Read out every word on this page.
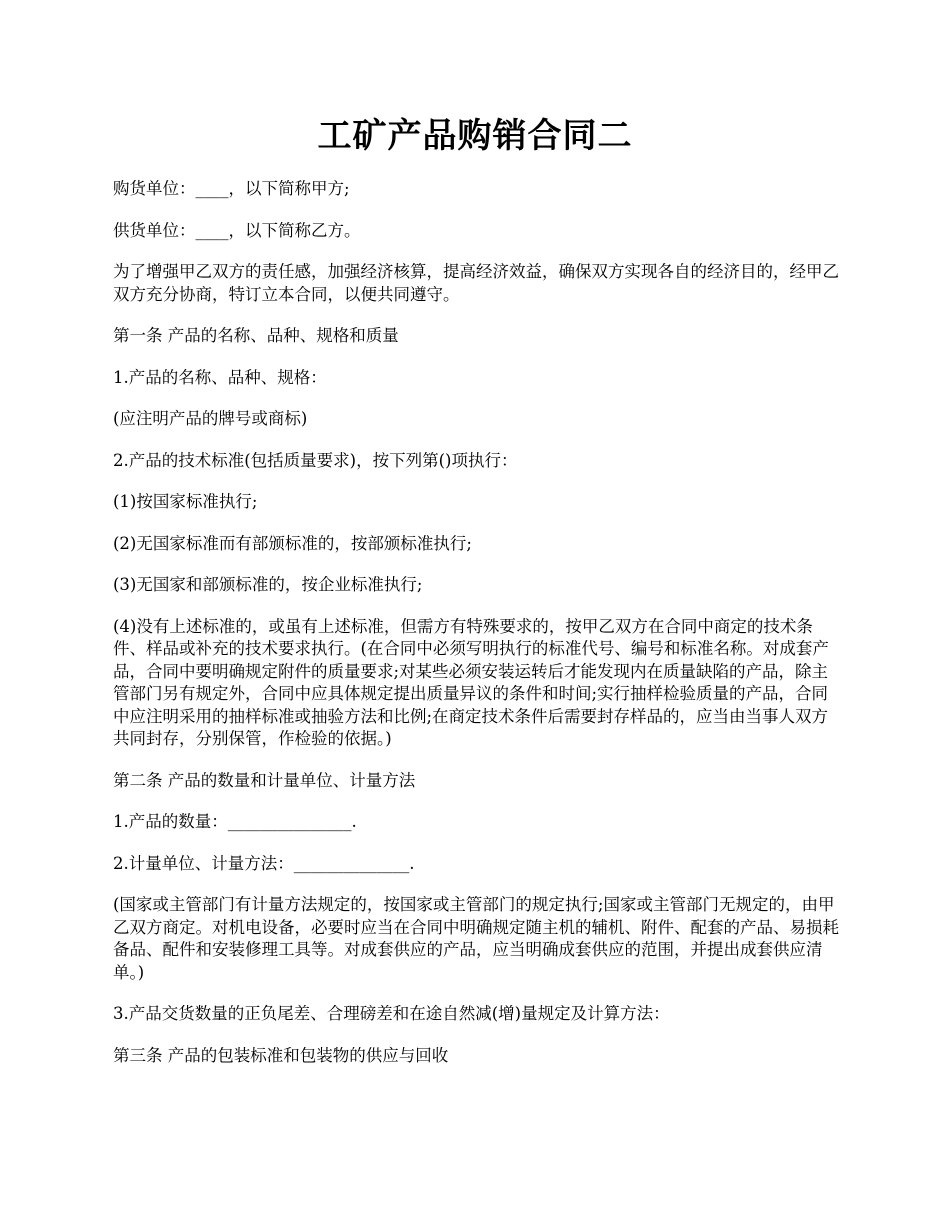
工矿产品购销合同二

购货单位：____，以下简称甲方;

供货单位：____，以下简称乙方。

为了增强甲乙双方的责任感，加强经济核算，提高经济效益，确保双方实现各自的经济目的，经甲乙双方充分协商，特订立本合同，以便共同遵守。

第一条 产品的名称、品种、规格和质量

1.产品的名称、品种、规格：

(应注明产品的牌号或商标)

2.产品的技术标准(包括质量要求)，按下列第()项执行：

(1)按国家标准执行;

(2)无国家标准而有部颁标准的，按部颁标准执行;

(3)无国家和部颁标准的，按企业标准执行;

(4)没有上述标准的，或虽有上述标准，但需方有特殊要求的，按甲乙双方在合同中商定的技术条件、样品或补充的技术要求执行。(在合同中必须写明执行的标准代号、编号和标准名称。对成套产品，合同中要明确规定附件的质量要求;对某些必须安装运转后才能发现内在质量缺陷的产品，除主管部门另有规定外，合同中应具体规定提出质量异议的条件和时间;实行抽样检验质量的产品，合同中应注明采用的抽样标准或抽验方法和比例;在商定技术条件后需要封存样品的，应当由当事人双方共同封存，分别保管，作检验的依据。)

第二条 产品的数量和计量单位、计量方法

1.产品的数量：_______________.

2.计量单位、计量方法：______________.

(国家或主管部门有计量方法规定的，按国家或主管部门的规定执行;国家或主管部门无规定的，由甲乙双方商定。对机电设备，必要时应当在合同中明确规定随主机的辅机、附件、配套的产品、易损耗备品、配件和安装修理工具等。对成套供应的产品，应当明确成套供应的范围，并提出成套供应清单。)

3.产品交货数量的正负尾差、合理磅差和在途自然减(增)量规定及计算方法：

第三条 产品的包装标准和包装物的供应与回收
